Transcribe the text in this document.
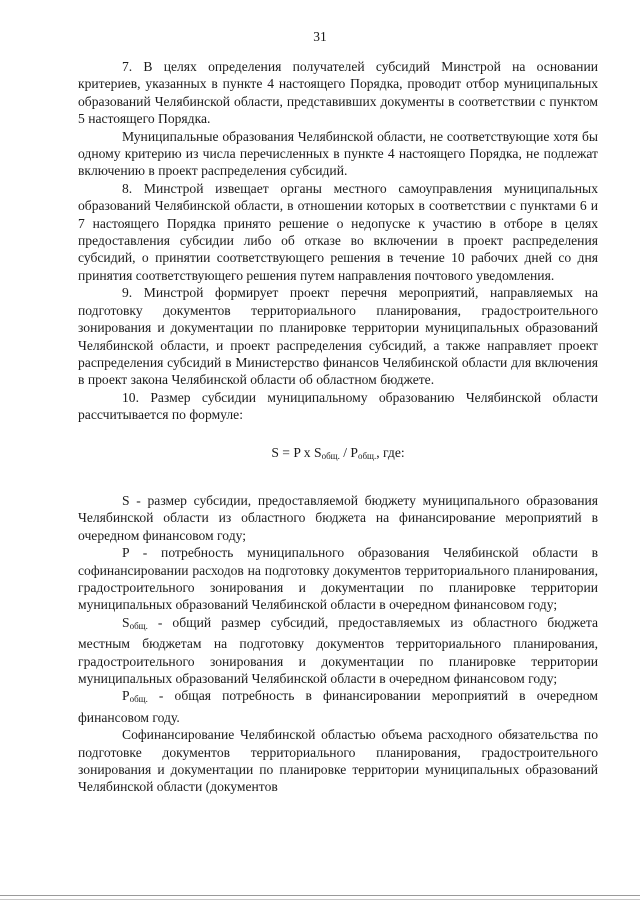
31

7. В целях определения получателей субсидий Минстрой на основании критериев, указанных в пункте 4 настоящего Порядка, проводит отбор муниципальных образований Челябинской области, представивших документы в соответствии с пунктом 5 настоящего Порядка.

Муниципальные образования Челябинской области, не соответствующие хотя бы одному критерию из числа перечисленных в пункте 4 настоящего Порядка, не подлежат включению в проект распределения субсидий.

8. Минстрой извещает органы местного самоуправления муниципальных образований Челябинской области, в отношении которых в соответствии с пунктами 6 и 7 настоящего Порядка принято решение о недопуске к участию в отборе в целях предоставления субсидии либо об отказе во включении в проект распределения субсидий, о принятии соответствующего решения в течение 10 рабочих дней со дня принятия соответствующего решения путем направления почтового уведомления.

9. Минстрой формирует проект перечня мероприятий, направляемых на подготовку документов территориального планирования, градостроительного зонирования и документации по планировке территории муниципальных образований Челябинской области, и проект распределения субсидий, а также направляет проект распределения субсидий в Министерство финансов Челябинской области для включения в проект закона Челябинской области об областном бюджете.

10. Размер субсидии муниципальному образованию Челябинской области рассчитывается по формуле:

S = P x $S_{общ.} / P_{общ.}$, где:

S - размер субсидии, предоставляемой бюджету муниципального образования Челябинской области из областного бюджета на финансирование мероприятий в очередном финансовом году;

P - потребность муниципального образования Челябинской области в софинансировании расходов на подготовку документов территориального планирования, градостроительного зонирования и документации по планировке территории муниципальных образований Челябинской области в очередном финансовом году;

$S_{общ.}$ - общий размер субсидий, предоставляемых из областного бюджета местным бюджетам на подготовку документов территориального планирования, градостроительного зонирования и документации по планировке территории муниципальных образований Челябинской области в очередном финансовом году;

$P_{общ.}$ - общая потребность в финансировании мероприятий в очередном финансовом году.

Софинансирование Челябинской областью объема расходного обязательства по подготовке документов территориального планирования, градостроительного зонирования и документации по планировке территории муниципальных образований Челябинской области (документов
